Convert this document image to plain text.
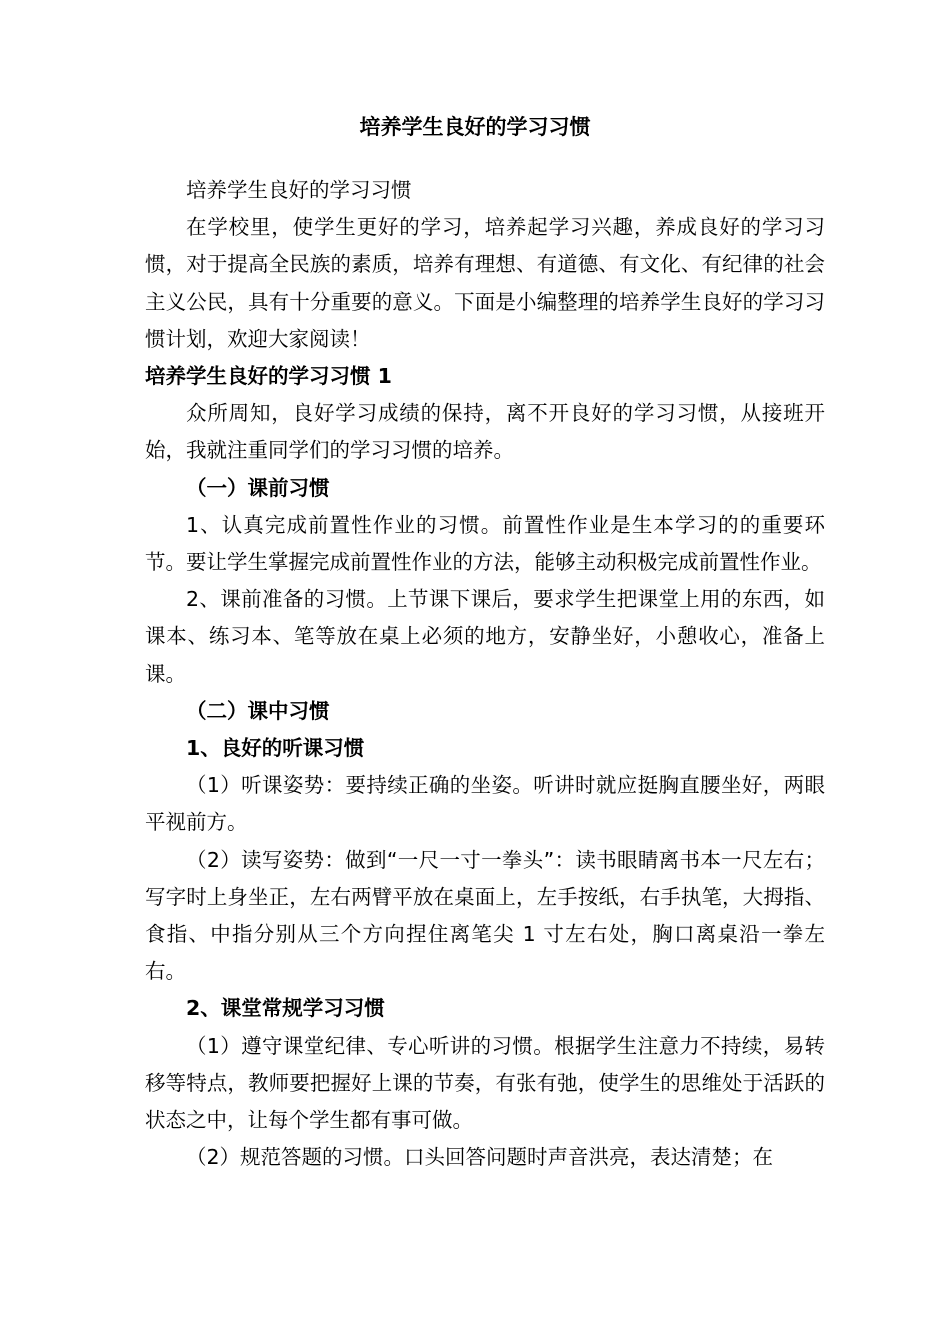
培养学生良好的学习习惯

培养学生良好的学习习惯

在学校里，使学生更好的学习，培养起学习兴趣，养成良好的学习习惯，对于提高全民族的素质，培养有理想、有道德、有文化、有纪律的社会主义公民，具有十分重要的意义。下面是小编整理的培养学生良好的学习习惯计划，欢迎大家阅读！

培养学生良好的学习习惯 1

众所周知，良好学习成绩的保持，离不开良好的学习习惯，从接班开始，我就注重同学们的学习习惯的培养。

（一）课前习惯

1、认真完成前置性作业的习惯。前置性作业是生本学习的的重要环节。要让学生掌握完成前置性作业的方法，能够主动积极完成前置性作业。

2、课前准备的习惯。上节课下课后，要求学生把课堂上用的东西，如课本、练习本、笔等放在桌上必须的地方，安静坐好，小憩收心，准备上课。

（二）课中习惯

1、良好的听课习惯

（1）听课姿势：要持续正确的坐姿。听讲时就应挺胸直腰坐好，两眼平视前方。

（2）读写姿势：做到“一尺一寸一拳头”：读书眼睛离书本一尺左右；写字时上身坐正，左右两臂平放在桌面上，左手按纸，右手执笔，大拇指、食指、中指分别从三个方向捏住离笔尖 1 寸左右处，胸口离桌沿一拳左右。

2、课堂常规学习习惯

（1）遵守课堂纪律、专心听讲的习惯。根据学生注意力不持续，易转移等特点，教师要把握好上课的节奏，有张有弛，使学生的思维处于活跃的状态之中，让每个学生都有事可做。

（2）规范答题的习惯。口头回答问题时声音洪亮，表达清楚；在
